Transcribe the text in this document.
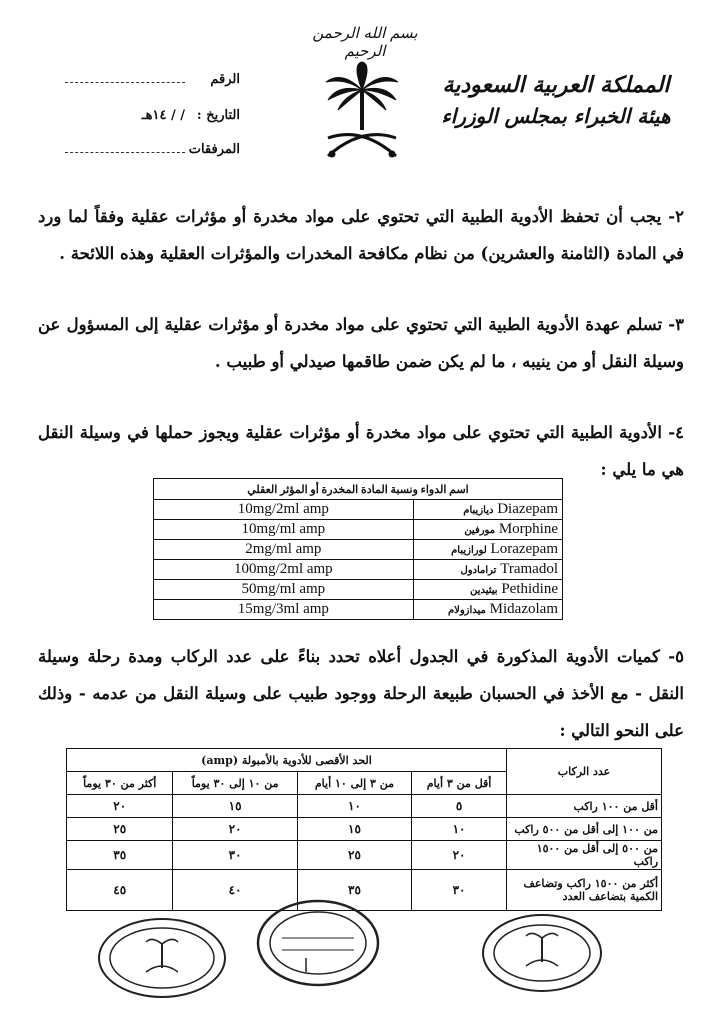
بسم الله الرحمن الرحيم
المملكة العربية السعودية
هيئة الخبراء بمجلس الوزراء
الرقم
التاريخ :/ / ١٤هـ
المرفقات

٢- يجب أن تحفظ الأدوية الطبية التي تحتوي على مواد مخدرة أو مؤثرات عقلية وفقاً لما ورد في المادة (الثامنة والعشرين) من نظام مكافحة المخدرات والمؤثرات العقلية وهذه اللائحة .

٣- تسلم عهدة الأدوية الطبية التي تحتوي على مواد مخدرة أو مؤثرات عقلية إلى المسؤول عن وسيلة النقل أو من ينيبه ، ما لم يكن ضمن طاقمها صيدلي أو طبيب .

٤- الأدوية الطبية التي تحتوي على مواد مخدرة أو مؤثرات عقلية ويجوز حملها في وسيلة النقل هي ما يلي :

اسم الدواء ونسبة المادة المخدرة أو المؤثر العقلي	
Diazepam ديازيبام	10mg/2ml amp
Morphine مورفين	10mg/ml amp
Lorazepam لورازيبام	2mg/ml amp
Tramadol ترامادول	100mg/2ml amp
Pethidine بيثيدين	50mg/ml amp
Midazolam ميدازولام	15mg/3ml amp

٥- كميات الأدوية المذكورة في الجدول أعلاه تحدد بناءً على عدد الركاب ومدة رحلة وسيلة النقل - مع الأخذ في الحسبان طبيعة الرحلة ووجود طبيب على وسيلة النقل من عدمه - وذلك على النحو التالي :

عدد الركاب	الحد الأقصى للأدوية بالأمبولة (amp)			
	أقل من ٣ أيام	من ٣ إلى ١٠ أيام	من ١٠ إلى ٣٠ يوماً	أكثر من ٣٠ يوماً
أقل من ١٠٠ راكب	٥	١٠	١٥	٢٠
من ١٠٠ إلى أقل من ٥٠٠ راكب	١٠	١٥	٢٠	٢٥
من ٥٠٠ إلى أقل من ١٥٠٠ راكب	٢٠	٢٥	٣٠	٣٥
أكثر من ١٥٠٠ راكب وتضاعف الكمية بتضاعف العدد	٣٠	٣٥	٤٠	٤٥
